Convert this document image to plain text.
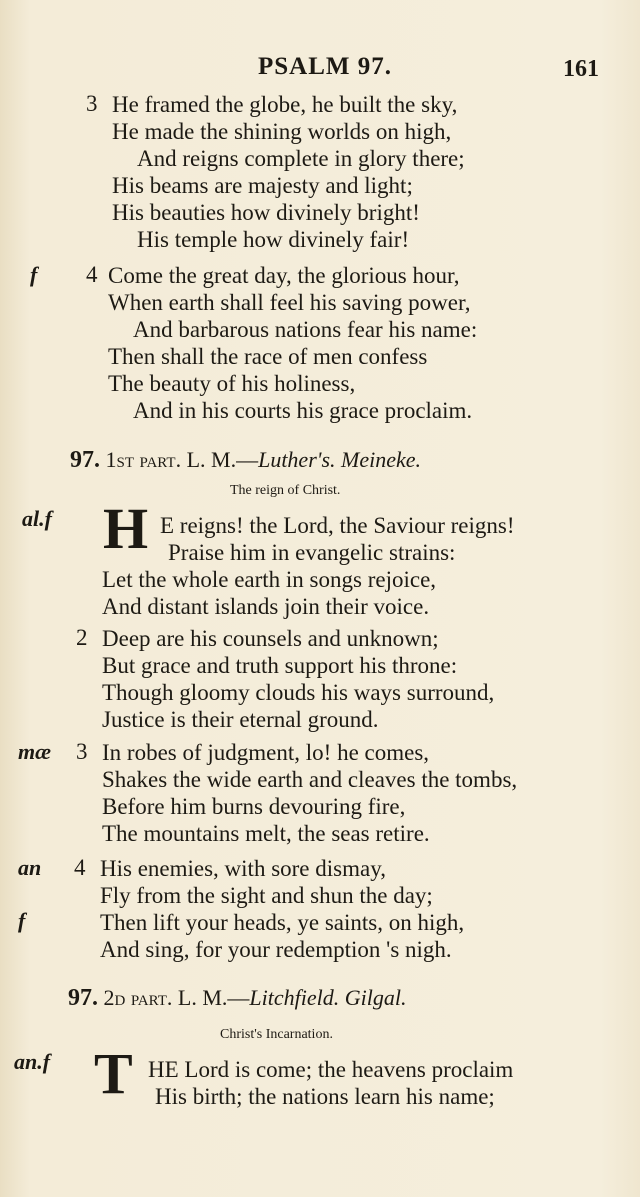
PSALM 97.	161
3 He framed the globe, he built the sky,
He made the shining worlds on high,
And reigns complete in glory there;
His beams are majesty and light;
His beauties how divinely bright!
His temple how divinely fair!
f 4 Come the great day, the glorious hour,
When earth shall feel his saving power,
And barbarous nations fear his name:
Then shall the race of men confess
The beauty of his holiness,
And in his courts his grace proclaim.
97. 1st part. L. M.—Luther's. Meineke.
The reign of Christ.
al.f H E reigns! the Lord, the Saviour reigns!
Praise him in evangelic strains:
Let the whole earth in songs rejoice,
And distant islands join their voice.
2 Deep are his counsels and unknown;
But grace and truth support his throne:
Though gloomy clouds his ways surround,
Justice is their eternal ground.
mæ 3 In robes of judgment, lo! he comes,
Shakes the wide earth and cleaves the tombs,
Before him burns devouring fire,
The mountains melt, the seas retire.
an 4 His enemies, with sore dismay,
Fly from the sight and shun the day;
f	Then lift your heads, ye saints, on high,
And sing, for your redemption 's nigh.
97. 2d part. L. M.—Litchfield. Gilgal.
Christ's Incarnation.
an.f T HE Lord is come; the heavens proclaim
His birth; the nations learn his name;
